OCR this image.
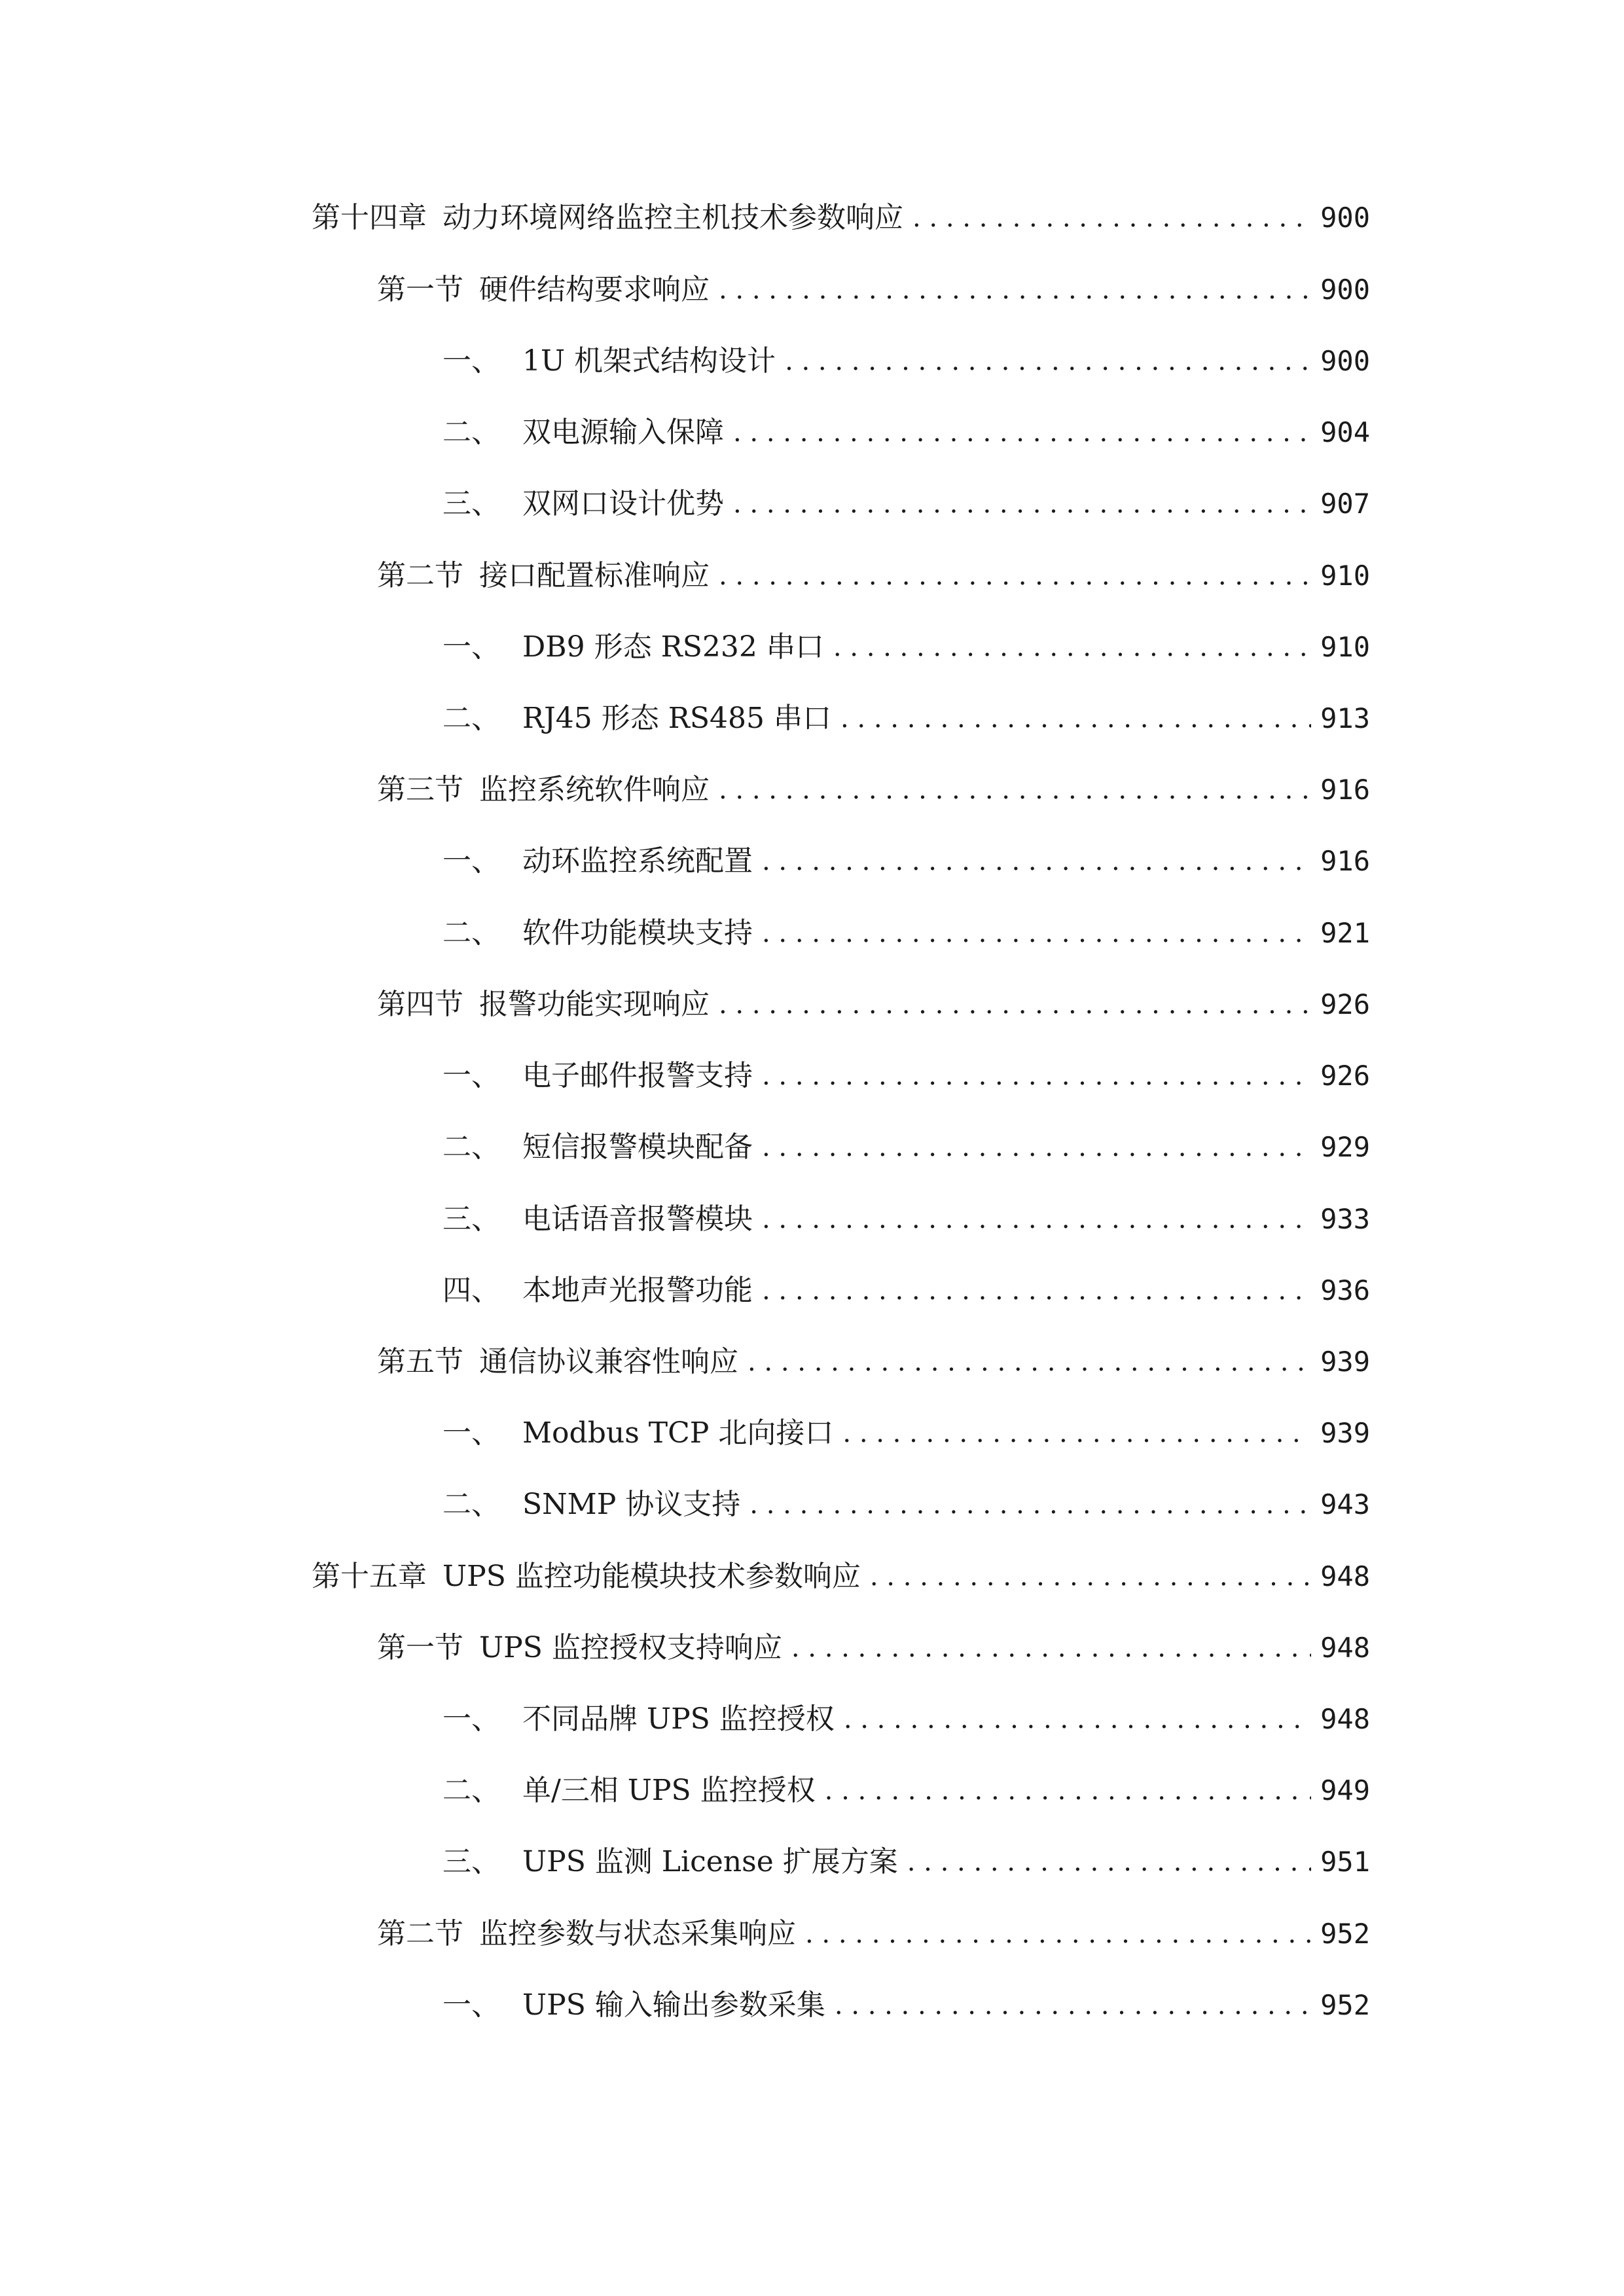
第十四章 动力环境网络监控主机技术参数响应 . . .	900
第一节 硬件结构要求响应 . . .	900
一、 1U 机架式结构设计 . . .	900
二、 双电源输入保障 . . .	904
三、 双网口设计优势 . . .	907
第二节 接口配置标准响应 . . .	910
一、 DB9 形态 RS232 串口 . . .	910
二、 RJ45 形态 RS485 串口 . . .	913
第三节 监控系统软件响应 . . .	916
一、 动环监控系统配置 . . .	916
二、 软件功能模块支持 . . .	921
第四节 报警功能实现响应 . . .	926
一、 电子邮件报警支持 . . .	926
二、 短信报警模块配备 . . .	929
三、 电话语音报警模块 . . .	933
四、 本地声光报警功能 . . .	936
第五节 通信协议兼容性响应 . . .	939
一、 Modbus TCP 北向接口 . . .	939
二、 SNMP 协议支持 . . .	943
第十五章 UPS 监控功能模块技术参数响应 . . .	948
第一节 UPS 监控授权支持响应 . . .	948
一、 不同品牌 UPS 监控授权 . . .	948
二、 单/三相 UPS 监控授权 . . .	949
三、 UPS 监测 License 扩展方案 . . .	951
第二节 监控参数与状态采集响应 . . .	952
一、 UPS 输入输出参数采集 . . .	952
